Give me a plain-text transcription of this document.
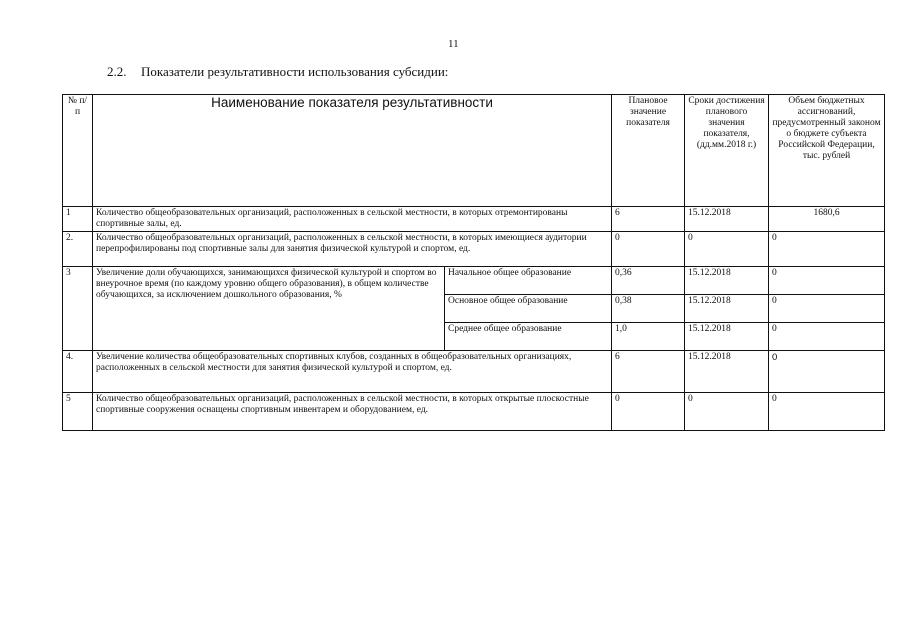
11
2.2. Показатели результативности использования субсидии:
№ п/п	Наименование показателя результативности		Плановое значение показателя	Сроки достижения планового значения показателя, (дд.мм.2018 г.)	Объем бюджетных ассигнований, предусмотренный законом о бюджете субъекта Российской Федерации, тыс. рублей
1	Количество общеобразовательных организаций, расположенных в сельской местности, в которых отремонтированы спортивные залы, ед.		6	15.12.2018	1680,6
2.	Количество общеобразовательных организаций, расположенных в сельской местности, в которых имеющиеся аудитории перепрофилированы под спортивные залы для занятия физической культурой и спортом, ед.		0	0	0
3	Увеличение доли обучающихся, занимающихся физической культурой и спортом во внеурочное время (по каждому уровню общего образования), в общем количестве обучающихся, за исключением дошкольного образования, %	Начальное общее образование	0,36	15.12.2018	0
		Основное общее образование	0,38	15.12.2018	0
		Среднее общее образование	1,0	15.12.2018	0
4.	Увеличение количества общеобразовательных спортивных клубов, созданных в общеобразовательных организациях, расположенных в сельской местности для занятия физической культурой и спортом, ед.		6	15.12.2018	0
5	Количество общеобразовательных организаций, расположенных в сельской местности, в которых открытые плоскостные спортивные сооружения оснащены спортивным инвентарем и оборудованием, ед.		0	0	0
